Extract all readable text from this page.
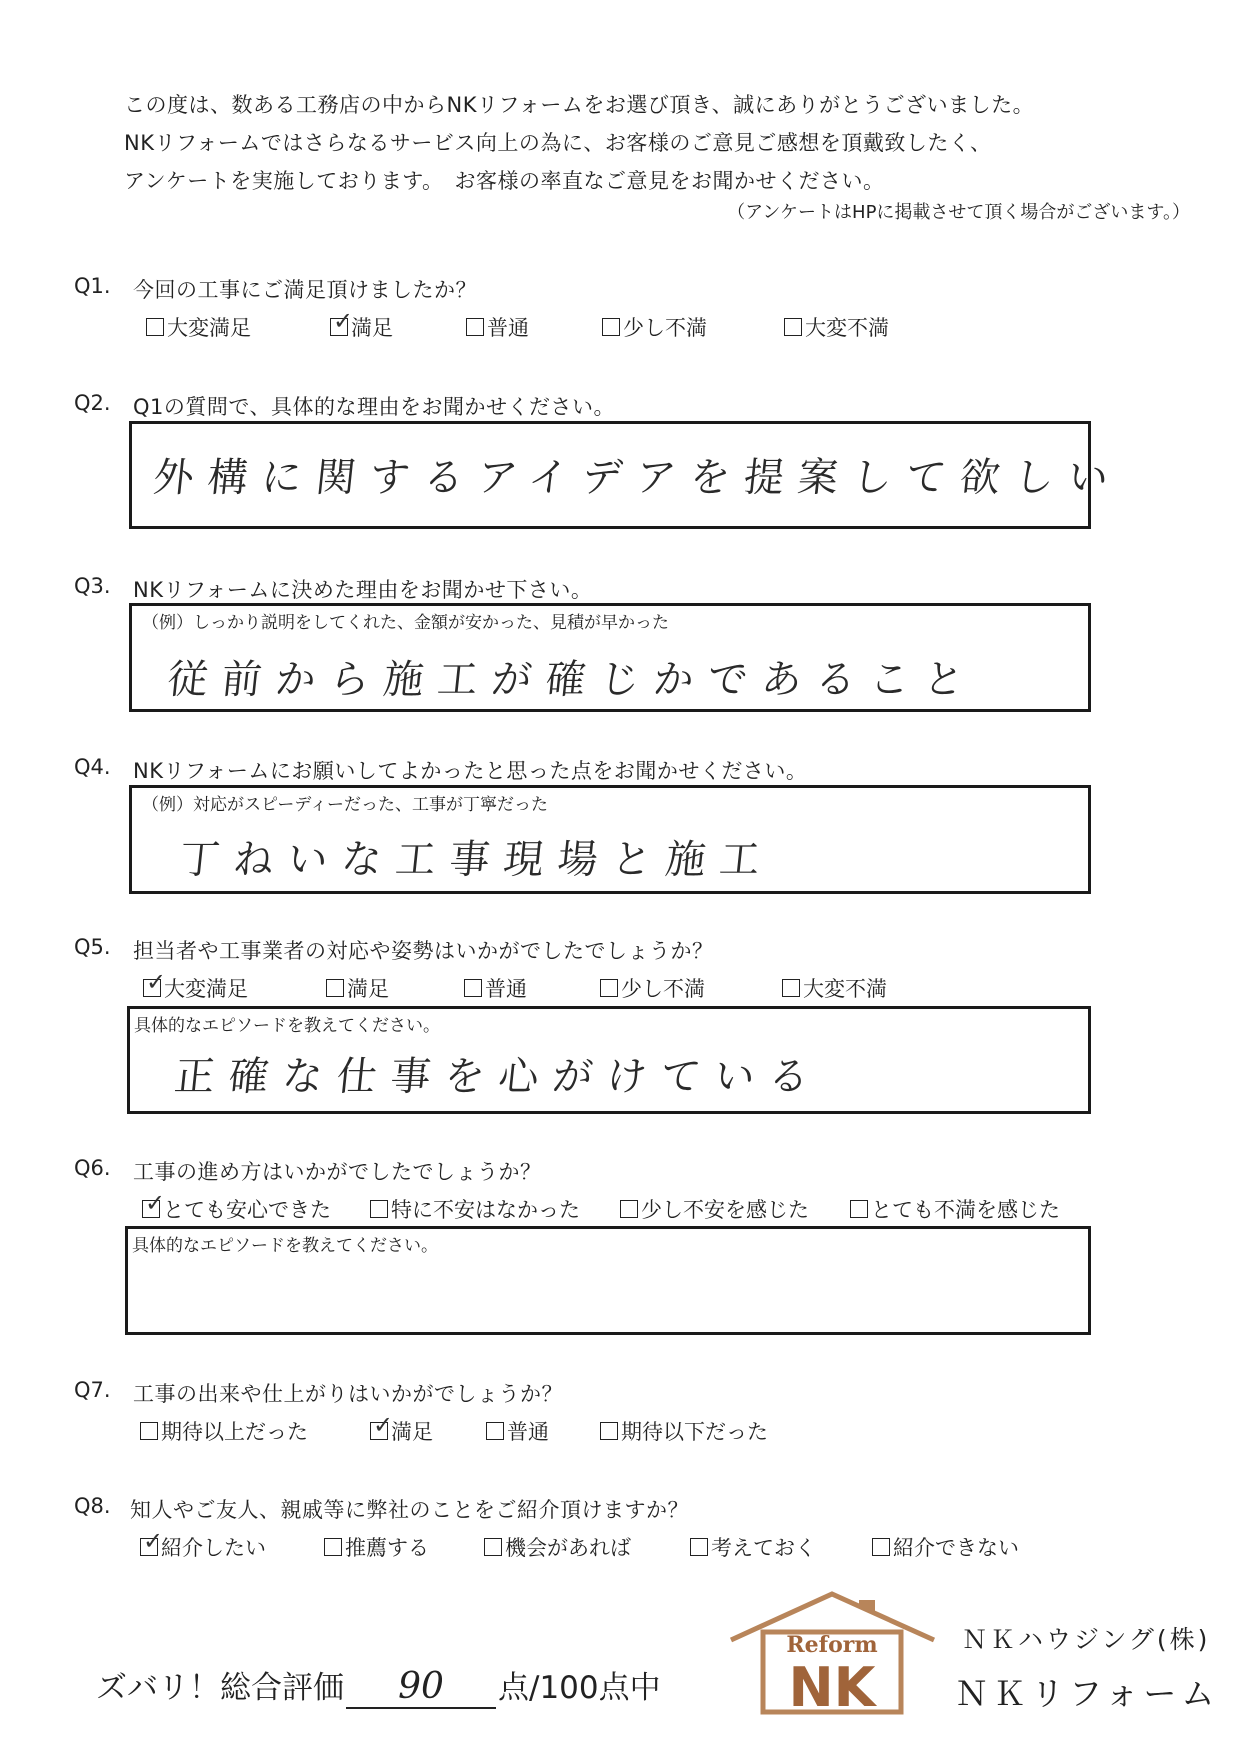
この度は、数ある工務店の中からNKリフォームをお選び頂き、誠にありがとうございました。
NKリフォームではさらなるサービス向上の為に、お客様のご意見ご感想を頂戴致したく、
アンケートを実施しております。　お客様の率直なご意見をお聞かせください。
（アンケートはHPに掲載させて頂く場合がございます。）
Q1. 今回の工事にご満足頂けましたか？
大変満足 ✓	満足	普通	少し不満	大変不満
Q2. Q1の質問で、具体的な理由をお聞かせください。
外構に関するアイデアを提案して欲しい
Q3. NKリフォームに決めた理由をお聞かせ下さい。
（例）しっかり説明をしてくれた、金額が安かった、見積が早かった
従前から施工が確じかであること
Q4. NKリフォームにお願いしてよかったと思った点をお聞かせください。
（例）対応がスピーディーだった、工事が丁寧だった
丁ねいな工事現場と施工
Q5. 担当者や工事業者の対応や姿勢はいかがでしたでしょうか？
✓大変満足	満足	普通	少し不満	大変不満
具体的なエピソードを教えてください。
正確な仕事を心がけている
Q6. 工事の進め方はいかがでしたでしょうか？
✓とても安心できた	特に不安はなかった	少し不安を感じた	とても不満を感じた
具体的なエピソードを教えてください。
Q7. 工事の出来や仕上がりはいかがでしょうか？
期待以上だった ✓	満足	普通	期待以下だった
Q8. 知人やご友人、親戚等に弊社のことをご紹介頂けますか？
✓紹介したい	推薦する	機会があれば	考えておく	紹介できない
ズバリ！総合評価 90 点/100点中
Reform
NK
ＮＫハウジング(株)
ＮＫリフォーム
